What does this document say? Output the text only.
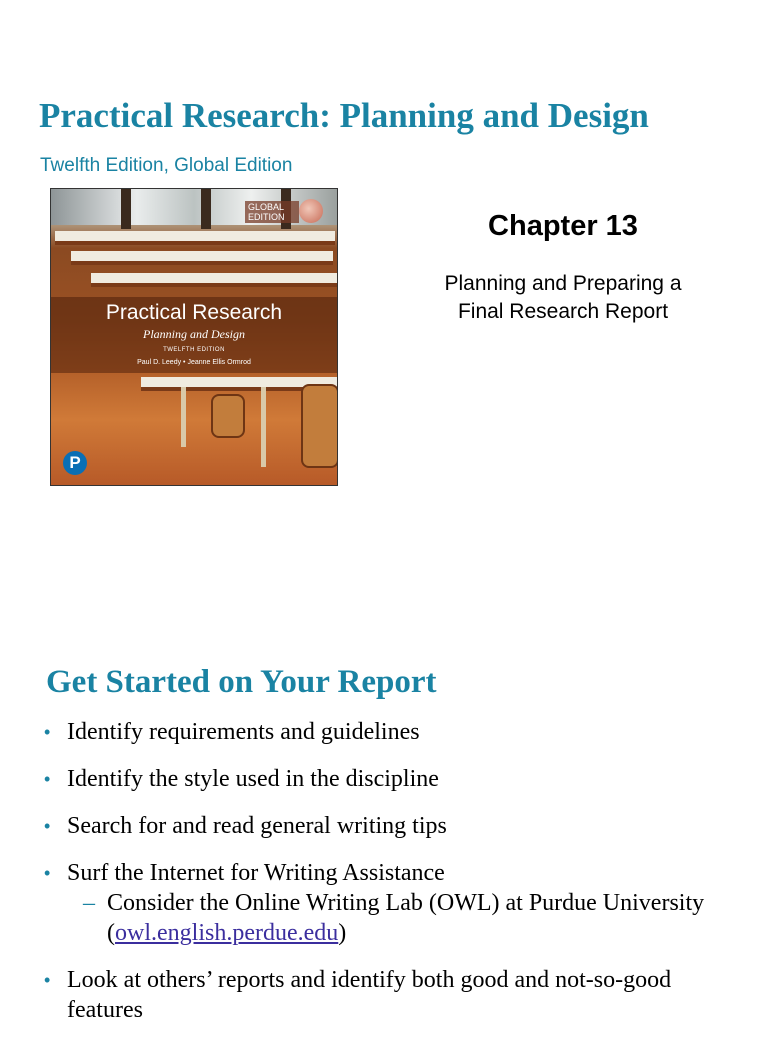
Practical Research: Planning and Design
Twelfth Edition, Global Edition
Practical Research
Planning and Design
TWELFTH EDITION
Paul D. Leedy • Jeanne Ellis Ormrod
GLOBAL
EDITION
P
Chapter 13
Planning and Preparing a
Final Research Report
Get Started on Your Report
• Identify requirements and guidelines
• Identify the style used in the discipline
• Search for and read general writing tips
• Surf the Internet for Writing Assistance
– Consider the Online Writing Lab (OWL) at Purdue University (owl.english.perdue.edu)
• Look at others’ reports and identify both good and not-so-good features
